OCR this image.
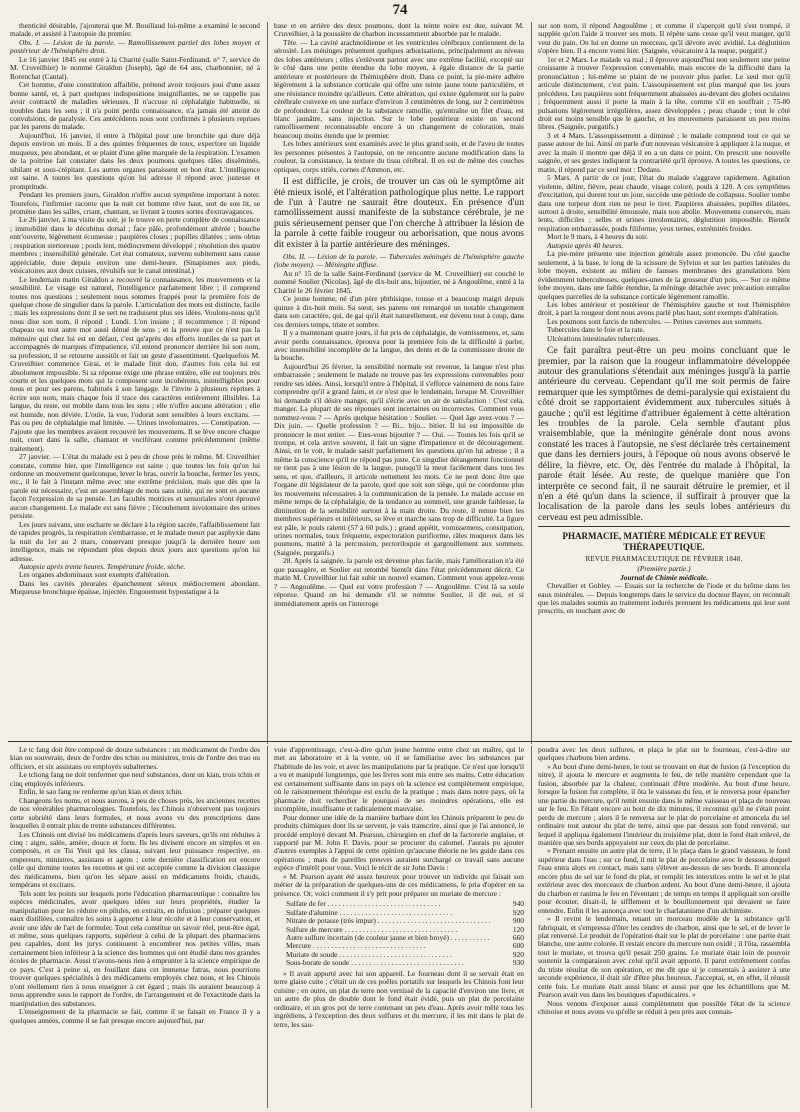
74

thenticité désirable, j'ajouterai que M. Bouillaud lui-même a examiné le second malade, et assisté à l'autopsie du premier.

Obs. I. — Lésion de la parole. — Ramollissement partiel des lobes moyen et postérieur de l'hémisphère droit.

Le 16 janvier 1845 est entré à la Charité (salle Saint-Ferdinand, n° 7, service de M. Cruveilhier) le nommé Giraldon (Joseph), âgé de 64 ans, charbonnier, né à Rorenchat (Cantal).

Cet homme, d'une constitution affaiblie, prétend avoir toujours joui d'une assez bonne santé, et, à part quelques indispositions insignifiantes, ne se rappelle pas avoir contracté de maladies sérieuses. Il n'accuse ni céphalalgie habituelle, ni troubles dans les sens ; il n'a point perdu connaissance, n'a jamais été atteint de convulsions, de paralysie. Ces antécédents nous sont confirmés à plusieurs reprises par les parens du malade.

Aujourd'hui, 16 janvier, il entre à l'hôpital pour une bronchite qui dure déjà depuis environ un mois. Il a des quintes fréquentes de toux, expectore un liquide muqueux, peu abondant, et se plaint d'une gêne marquée de la respiration. L'examen de la poitrine fait constater dans les deux poumons quelques râles disséminés, sibilant et sous-crépitant. Les autres organes paraissent en bon état. L'intelligence est saine. A toutes les questions qu'on lui adresse il répond avec justesse et promptitude.

Pendant les premiers jours, Giraldon n'offre aucun symptôme important à noter. Toutefois, l'infirmier raconte que la nuit cet homme rêve haut, sort de son lit, se promène dans les salles, criant, chantant, se livrant à toutes sortes d'extravagances.

Le 26 janvier, à ma visite du soir, je le trouve en perte complète de connaissance ; immobilité dans le décubitus dorsal ; face pâle, profondément altérée ; bouche entr'ouverte, légèrement écumeuse ; paupières closes ; pupilles dilatées ; sens obtus ; respiration stertoreuse ; pouls lent, médiocrement développé ; résolution des quatre membres ; insensibilité générale. Cet état comateux, survenu subitement sans cause appréciable, dure depuis environ une demi-heure. (Sinapismes aux pieds, vésicatoires aux deux cuisses, révulsifs sur le canal intestinal.)

Le lendemain matin Giraldon a recouvré la connaissance, les mouvements et la sensibilité. Le visage est naturel, l'intelligence parfaitement libre ; il comprend toutes nos questions ; seulement nous sommes frappés pour la première fois de quelque chose de singulier dans la parole. L'articulation des mots est distincte, facile ; mais les expressions dont il se sert ne traduisent plus ses idées. Voulons-nous qu'il nous dise son nom, il répond : Lundi. L'on insiste ; il recommence : il répond chapeau ou tout autre mot aussi dénué de sens ; et la preuve que ce n'est pas la mémoire qui chez lui est en défaut, c'est qu'après des efforts inutiles de sa part et accompagnés de marques d'impatience, s'il entend prononcer derrière lui son nom, sa profession, il se retourne aussitôt et fait un geste d'assentiment. Quelquefois M. Cruveilhier commence Girai, et le malade finit don, d'autres fois cela lui est absolument impossible. Si sa réponse exige une phrase entière, elle est toujours très courte et les quelques mots qui la composent sont incohérents, inintelligibles pour nous et pour ses parens, habitués à son langage. Je l'invite à plusieurs reprises à écrire son nom, mais chaque fois il trace des caractères entièrement illisibles. La langue, du reste, est mobile dans tous les sens ; elle n'offre aucune altération ; elle est humide, non déviée. L'ouïe, la vue, l'odorat sont sensibles à leurs excitans. — Pas ou peu de céphalalgie mal limitée. — Urines involontaires. — Constipation. — J'ajoute que les membres avaient recouvré les mouvemens. Il se lève encore chaque nuit, court dans la salle, chantant et vociférant comme précédemment (même traitement).

27 janvier. — L'état du malade est à peu de chose près le même. M. Cruveilhier constate, comme hier, que l'intelligence est saine ; que toutes les fois qu'on lui ordonne un mouvement quelconque, lever le bras, ouvrir la bouche, fermer les yeux, etc., il le fait à l'instant même avec une extrême précision, mais que dès que la parole est nécessaire, c'est un assemblage de mots sans suite, qui ne sont en aucune façon l'expression de sa pensée. Les facultés motrices et sensoriales n'ont éprouvé aucun changement. Le malade est sans fièvre ; l'écoulement involontaire des urines persiste.

Les jours suivans, une escharre se déclare à la région sacrée, l'affaiblissement fait de rapides progrès, la respiration s'embarrasse, et le malade meurt par asphyxie dans la nuit du 1er au 2 mars, conservant presque jusqu'à la dernière heure son intelligence, mais ne répondant plus depuis deux jours aux questions qu'on lui adresse.

Autopsie après trente heures. Température froide, sèche.

Les organes abdominaux sont exempts d'altération.

Dans les cavités pleurales épanchement séreux médiocrement abondant. Muqueuse bronchique épaisse, injectée. Engouement hypostatique à la

base et en arrière des deux poumons, dont la teinte noire est due, suivant M. Cruveilhier, à la poussière de charbon incessamment absorbée par le malade.

Tête. — La cavité arachnoïdienne et les ventricules cérébraux contiennent de la sérosité. Les méninges présentent quelques arborisations, principalement au niveau des lobes antérieurs ; elles s'enlèvent partout avec une extrême facilité, excepté sur le côté dans une petite étendue du lobe moyen, à égale distance de la partie antérieure et postérieure de l'hémisphère droit. Dans ce point, la pie-mère adhère légèrement à la substance corticale qui offre une teinte jaune toute particulière, et une résistance moindre qu'ailleurs. Cette altération, qui existe également sur la paire cérébrale convexe en une surface d'environ 3 centimètres de long, sur 2 centimètres de profondeur. La couleur de la substance ramollie, qu'entraîne un filet d'eau, est blanc jaunâtre, sans injection. Sur le lobe postérieur existe un second ramollissement reconnaissable encore à un changement de coloration, mais beaucoup moins étendu que le premier.

Les lobes antérieurs sont examinés avec le plus grand soin, et de l'aveu de toutes les personnes présentes à l'autopsie, on ne rencontre aucune modification dans la couleur, la consistance, la texture du tissu cérébral. Il en est de même des couches optiques, corps striés, cornes d'Ammon, etc.

Il est difficile, je crois, de trouver un cas où le symptôme ait été mieux isolé, et l'altération pathologique plus nette. Le rapport de l'un à l'autre ne saurait être douteux. En présence d'un ramollissement aussi manifeste de la substance cérébrale, je ne puis sérieusement penser que l'on cherche à attribuer la lésion de la parole à cette faible rougeur ou arborisation, que nous avons dit exister à la partie antérieure des méninges.

Obs. II. — Lésion de la parole. — Tubercules méningés de l'hémisphère gauche (lobe moyen). — Méningite diffuse.

Au n° 15 de la salle Saint-Ferdinand (service de M. Cruveilhier) est couché le nommé Soulier (Nicolas), âgé de dix-huit ans, bijoutier, né à Angoulême, entré à la Charité le 26 février 1845.

Ce jeune homme, né d'un père phthisique, tousse et a beaucoup maigri depuis quinze à dix-huit mois. Sa sœur, ses parens ont remarqué un notable changement dans son caractère, qui, de gai qu'il était naturellement, est devenu tout à coup, dans ces derniers temps, triste et sombre.

Il y a maintenant quatre jours, il fut pris de céphalalgie, de vomissemens, et, sans avoir perdu connaissance, éprouva pour la première fois de la difficulté à parler, avec insensibilité incomplète de la langue, des dents et de la commissure droite de la bouche.

Aujourd'hui 26 février, la sensibilité normale est revenue, la langue n'est plus embarrassée ; seulement le malade ne trouve pas les expressions convenables pour rendre ses idées. Ainsi, lorsqu'il entre à l'hôpital, il s'efforce vainement de nous faire comprendre qu'il a grand faim, et ce n'est que le lendemain, lorsque M. Cruveilhier lui demande s'il désire manger, qu'il s'écrie avec un air de satisfaction : C'est cela, manger. La plupart de ses réponses sont incertaines ou incorrectes. Comment vous nommez-vous ? — Après quelque hésitation : Soulier. — Quel âge avez-vous ? — Dix juin. — Quelle profession ? — Bi... bijo... bitier. Il lui est impossible de prononcer le mot entier. — Etes-vous bijoutier ? — Oui. — Toutes les fois qu'il se trompe, et cela arrive souvent, il fait un signe d'impatience et de découragement. Ainsi, en le voit, le malade saisit parfaitement les questions qu'on lui adresse ; il a même la conscience qu'il ne répond pas juste. Ce singulier dérangement fonctionnel ne tient pas à une lésion de la langue, puisqu'il la meut facilement dans tous les sens, et que, d'ailleurs, il articule nettement les mots. Ce ne peut donc être que l'organe dit législateur de la parole, quel que soit son siège, qui ne coordonne plus les mouvemens nécessaires à la communication de la pensée. Le malade accuse en même temps de la céphalalgie, de la tendance au sommeil, une grande faiblesse, la diminution de la sensibilité surtout à la main droite. Du reste, il remue bien les membres supérieurs et inférieurs, se lève et marche sans trop de difficulté. La figure est pâle, le pouls ralenti (57 à 60 puls.) ; grand appétit, vomissemens, constipation, urines normales, toux fréquente, expectoration purifiorme, râles muqueux dans les poumons, matité à la percussion, pectoriloquie et gargouillement aux sommets. (Saignée, purgatifs.)

28. Après la saignée, la parole est devenue plus facile, mais l'amélioration n'a été que passagère, et Soulier est retombé bientôt dans l'état précédemment décrit. Ce matin M. Cruveilhier lui fait subir un nouvel examen. Comment vous appelez-vous ? — Angoulême. — Quel est votre profession ? — Angoulême. C'est là sa seule réponse. Quand on lui demande s'il se nomme Soulier, il dit oui, et si immédiatement après on l'interroge

sur son nom, il répond Angoulême ; et comme il s'aperçoit qu'il s'est trompé, il supplée qu'on l'aide à trouver ses mots. Il répète sans cesse qu'il veut manger, qu'il veut du pain. On lui en donne un morceau, qu'il dévore avec avidité. La déglutition s'opère bien. Il a encore vomi hier. (Saignée, vésicatoire à la nuque, purgatif.)

1er et 2 Mars. Le malade va mal ; il éprouve aujourd'hui non seulement une peine croissante à trouver l'expression convenable, mais encore de la difficulté dans la prononciation ; lui-même se plaint de ne pouvoir plus parler. Le seul mot qu'il articule distinctement, c'est pain. L'assoupissement est plus marqué que les jours précédens. Les paupières sont fréquemment abaissées au-devant des globes oculaires ; fréquemment aussi il porte la main à la tête, comme s'il en souffrait ; 75-80 pulsations légèrement irrégulières, assez développées ; peau chaude ; tout le côté droit est moins sensible que le gauche, et les mouvemens paraissent un peu moins libres. (Saignée, purgatifs.)

3 et 4 Mars. L'assoupissement a diminué ; le malade comprend tout ce qui se passe autour de lui. Ainsi on parle d'un nouveau vésicatoire à appliquer à la nuque, et avec la main il montre que déjà il en a un dans ce point. On prescrit une nouvelle saignée, et ses gestes indiquent la contrariété qu'il éprouve. A toutes les questions, ce matin, il répond par ce seul mot : Dedans.

5 Mars. A partir de ce jour, l'état du malade s'aggrave rapidement. Agitation violente, délire, fièvre, peau chaude, visage coloré, pouls à 120. A ces symptômes d'excitation, qui durent tout un jour, succède une période de collapsus. Soulier tombe dans une torpeur dont rien ne peut le tirer. Paupières abaissées, pupilles dilatées, surtout à droite, sensibilité émoussée, mais non abolie. Mouvemens conservés, mais lents, difficiles ; selles et urines involontaires, déglutition impossible. Bientôt respiration embarrassée, pouls filiforme, yeux ternes, extrémités froides.

Mort le 9 mars, à 4 heures du soir.

Autopsie après 40 heures.

La pie-mère présente une injection générale assez prononcée. Du côté gauche seulement, à la base, le long de la scissure de Sylvius et sur les parties latérales du lobe moyen, existent au milieu de fausses membranes des granulations bien évidemment tuberculeuses, quelques-unes de la grosseur d'un pois. — Sur ce même lobe moyen, dans une faible étendue, la méninge détachée avec précaution entraîne quelques parcelles de la substance corticale légèrement ramollie.

Les lobes antérieur et postérieur de l'hémisphère gauche et tout l'hémisphère droit, à part la rougeur dont nous avons parlé plus haut, sont exempts d'altération.

Les poumons sont farcis de tubercules. — Petites cavernes aux sommets.

Tubercules dans le foie et la rate.

Ulcérations intestinales tuberculeuses.

Ce fait paraîtra peut-être un peu moins concluant que le premier, par la raison que la rougeur inflammatoire développée autour des granulations s'étendait aux méninges jusqu'à la partie antérieure du cerveau. Cependant qu'il me soit permis de faire remarquer que les symptômes de demi-paralysie qui existaient du côté droit se rapportaient évidemment aux tubercules situés à gauche ; qu'il est légitime d'attribuer également à cette altération les troubles de la parole. Cela semble d'autant plus vraisemblable, que la méningite générale dont nous avons constaté les traces à l'autopsie, ne s'est déclarée très certainement que dans les derniers jours, à l'époque où nous avons observé le délire, la fièvre, etc. Or, dès l'entrée du malade à l'hôpital, la parole était lésée. Au reste, de quelque manière que l'on interprète ce second fait, il ne saurait détruire le premier, et il n'en a été qu'un dans la science, il suffirait à prouver que la localisation de la parole dans les seuls lobes antérieurs du cerveau est peu admissible.

PHARMACIE, MATIÈRE MÉDICALE ET REVUE THÉRAPEUTIQUE.
REVUE PHARMACEUTIQUE DE FÉVRIER 1848.
(Première partie.)
Journal de Chimie médicale.

Chevallier et Gobley. — Essais sur la recherche de l'iode et du brôme dans les eaux minérales. — Depuis longtemps dans le service du docteur Bayer, on reconnaît que les malades soumis au traitement iodurés prennent les médicamens qui leur sont prescrits, en touchant avec de

Le tc fang doit être composé de douze substances : un médicament de l'ordre des kian ou souverain, deux de l'ordre des tchin ou ministres, trois de l'ordre des trao ou officiers, et six assistans ou employés subalternes.

Le tchong fang ne doit renfermer que neuf substances, dont un kian, trois tchin et cinq employés inférieurs.

Enfin, le sao fang ne renferme qu'un kian et deux tchin.

Changeons les noms, et nous aurons, à peu de choses près, les anciennes recettes de nos vénérables pharmacologues. Toutefois, les Chinois n'observent pas toujours cette sobriété dans leurs formules, et nous avons vu des prescriptions dans lesquelles il entrait plus de trente substances différentes.

Les Chinois ont divisé les médicamens d'après leurs saveurs, qu'ils ont réduites à cinq : aigre, salée, amère, douce et forte. Ils les divisent encore en simples et en composés, et ce Tsi Yesti qui les classa, suivant leur puissance respective, en empereurs, ministres, assistans et agens ; cette dernière classification est encore celle qui domine toutes les recettes et qui est acceptée comme la division classique des médicamens, bien qu'on les sépare aussi en médicamens froids, chauds, tempérans et excitans.

Tels sont les points sur lesquels porte l'éducation pharmaceutique : connaître les espèces médicinales, avoir quelques idées sur leurs propriétés, étudier la manipulation pour les réduire en pilules, en extraits, en infusion ; préparer quelques eaux distillées, connaître les soins à apporter à leur récolte et à leur conservation, et avoir une idée de l'art de formuler. Tout cela constitue un savoir réel, peut-être égal, et même, sous quelques rapports, supérieur à celui de la plupart des pharmaciens peu capables, dont les jurys continuent à encombrer nos petites villes, mais certainement bien inférieur à la science des hommes qui ont étudié dans nos grandes écoles de pharmacie. Aussi n'avons-nous rien à emprunter à la science empirique de ce pays. C'est à peine si, en fouillant dans cet immense fatras, nous pourrions trouver quelques spécialités à des médicamens employés chez nous, et les Chinois n'ont réellement rien à nous enseigner à cet égard ; mais ils auraient beaucoup à nous apprendre sous le rapport de l'ordre, de l'arrangement et de l'exactitude dans la manipulation des substances.

L'enseignement de la pharmacie se fait, comme il se faisait en France il y a quelques années, comme il se fait presque encore aujourd'hui, par

voie d'apprentissage, c'est-à-dire qu'un jeune homme entre chez un maître, qui le met au laboratoire et à la vente, où il se familiarise avec les substances par l'habitude de les voir, et avec les manipulations par la pratique. Ce n'est que lorsqu'il a vu et manipulé longtemps, que les livres sont mis entre ses mains. Cette éducation est certainement suffisante dans un pays où la science est complètement empirique, où le raisonnement théorique est exclu de la pratique ; mais dans notre pays, où la pharmacie doit rechercher le pourquoi de ses moindres opérations, elle est incomplète, insuffisante et radicalement mauvaise.

Pour donner une idée de la manière barbare dont les Chinois préparent le peu de produits chimiques dont ils se servent, je vais transcrire, ainsi que je l'ai annoncé, le procédé employé devant M. Pearson, chirurgien en chef de la factorerie anglaise, et rapporté par M. John F. Davis, pour se procurer du calomel. J'aurais pu ajouter d'autres exemples à l'appui de cette opinion qu'aucune théorie ne les guide dans ces opérations ; mais de pareilles preuves auraient surchargé ce travail sans aucune espèce d'intérêt pour vous. Voici le récit de sir John Davis :

« M. Pearson ayant été assez heureux pour trouver un individu qui faisait son métier de la préparation de quelques-uns de ces médicamens, le pria d'opérer en sa présence. Or, voici comment il s'y prit pour préparer un muriate de mercure :

Sulfate de fer . . .	940
Sulfate d'alumine . . .	920
Nitrate de potasse (très impur) . . .	900
Sulfure de mercure . . .	120
Autre sulfure incertain (de couleur jaune et bien broyé) . . .	660
Mercure . . .	600
Muriate de soude . . .	920
Sous-borate de soude . . .	930

» Il avait apporté avec lui son appareil. Le fourneau dont il se servait était en terre glaise cuite ; c'était un de ces poêles portatifs sur lesquels les Chinois font leur cuisine ; en outre, un plat de terre non vernissé de la capacité d'environ une livre, et un autre de plus de double dont le fond était évidé, puis un plat de porcelaine ordinaire, et un gros pot de terre contenant un peu d'eau. Après avoir mêlé tous les ingrédiens, à l'exception des deux sulfures et du mercure, il les mit dans le plat de terre, les sau-

poudra avec les deux sulfures, et plaça le plat sur le fourneau, c'est-à-dire sur quelques charbons bien ardens.

» Au bout d'une demi-heure, le tout se trouvant en état de fusion (à l'exception du nitre), il ajouta le mercure et augmenta le feu, de telle manière cependant que la fusion, absorbée par la chaleur, continuait d'être modérée. Au bout d'une heure, lorsque la fusion fut complète, il ôta le vaisseau du feu, et le renversa pour épancher une partie du mercure, qu'il remit ensuite dans le même vaisseau et plaça de nouveau sur le feu. En l'étant encore au bout de dix minutes, il reconnut qu'il ne s'était point perdu de mercure ; alors il le renversa sur le plat de porcelaine et amoncela du sel ordinaire tout autour du plat de terre, ainsi que par dessus son fond renversé, sur lequel il appliqua également l'intérieur du troisième plat, dont le fond était enlevé, de manière que ses bords appuyaient sur ceux du plat de porcelaine.

» Prenant ensuite un autre plat de terre, il le plaça dans le grand vaisseau, le fond supérieur dans l'eau ; sur ce fond, il mit le plat de porcelaine avec le dessous duquel l'eau entra alors en contact, mais sans s'élever au-dessus de ses bords. Il amoncela encore plus de sel sur le fond du plat, et remplit les interstices entre le sel et le plat extérieur avec des morceaux de charbon ardent. Au bout d'une demi-heure, il ajouta du charbon et ranima le feu en l'éventant ; de temps en temps il appliquait son oreille pour écouter, disait-il, le sifflement et le bouillonnement qui devaient se faire entendre. Enfin il les annonça avec tout le charlatanisme d'un alchimiste.

» Il revint le lendemain, tenant un morceau modèle de la substance qu'il fabriquait, et s'empressa d'ôter les cendres de charbon, ainsi que le sel, et de lever le plat renversé. Le produit de l'opération était sur le plat de porcelaine : une partie était blanche, une autre colorée. Il restait encore du mercure non oxidé ; il l'ôta, rassembla tout le muriate, et trouva qu'il pesait 250 grains. Le muriate était loin de pouvoir soutenir la comparaison avec celui qu'il avait apporté. Il parut extrêmement confus du triste résultat de son opération, et me dit que si je consentais à assister à une seconde expérience, il était sûr d'être plus heureux. J'acceptai, et, en effet, il réussit cette fois. Le muriate était aussi blanc et aussi pur que les échantillons que M. Pearson avait vus dans les boutiques d'apothicaires. »

Nous venons d'exposer aussi complètement que possible l'état de la science chinoise et nous avons vu qu'elle se réduit à peu près aux connais-
